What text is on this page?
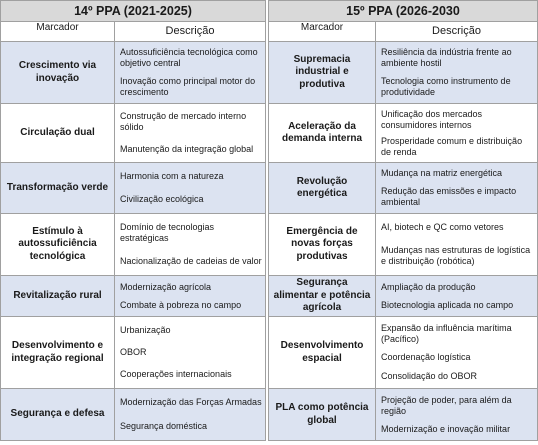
14º PPA (2021-2025)
Marcador	Descrição
Crescimento via inovação
Autossuficiência tecnológica como objetivo central
Inovação como principal motor do crescimento
Circulação dual
Construção de mercado interno sólido
Manutenção da integração global
Transformação verde
Harmonia com a natureza
Civilização ecológica
Estímulo à autossuficiência tecnológica
Domínio de tecnologias estratégicas
Nacionalização de cadeias de valor
Revitalização rural
Modernização agrícola
Combate à pobreza no campo
Desenvolvimento e integração regional
Urbanização
OBOR
Cooperações internacionais
Segurança e defesa
Modernização das Forças Armadas
Segurança doméstica
15º PPA (2026-2030
Marcador	Descrição
Supremacia industrial e produtiva
Resiliência da indústria frente ao ambiente hostil
Tecnologia como instrumento de produtividade
Aceleração da demanda interna
Unificação dos mercados consumidores internos
Prosperidade comum e distribuição de renda
Revolução energética
Mudança na matriz energética
Redução das emissões e impacto ambiental
Emergência de novas forças produtivas
AI, biotech e QC como vetores
Mudanças nas estruturas de logística e distribuição (robótica)
Segurança alimentar e potência agrícola
Ampliação da produção
Biotecnologia aplicada no campo
Desenvolvimento espacial
Expansão da influência marítima (Pacífico)
Coordenação logística
Consolidação do OBOR
PLA como potência global
Projeção de poder, para além da região
Modernização e inovação militar
